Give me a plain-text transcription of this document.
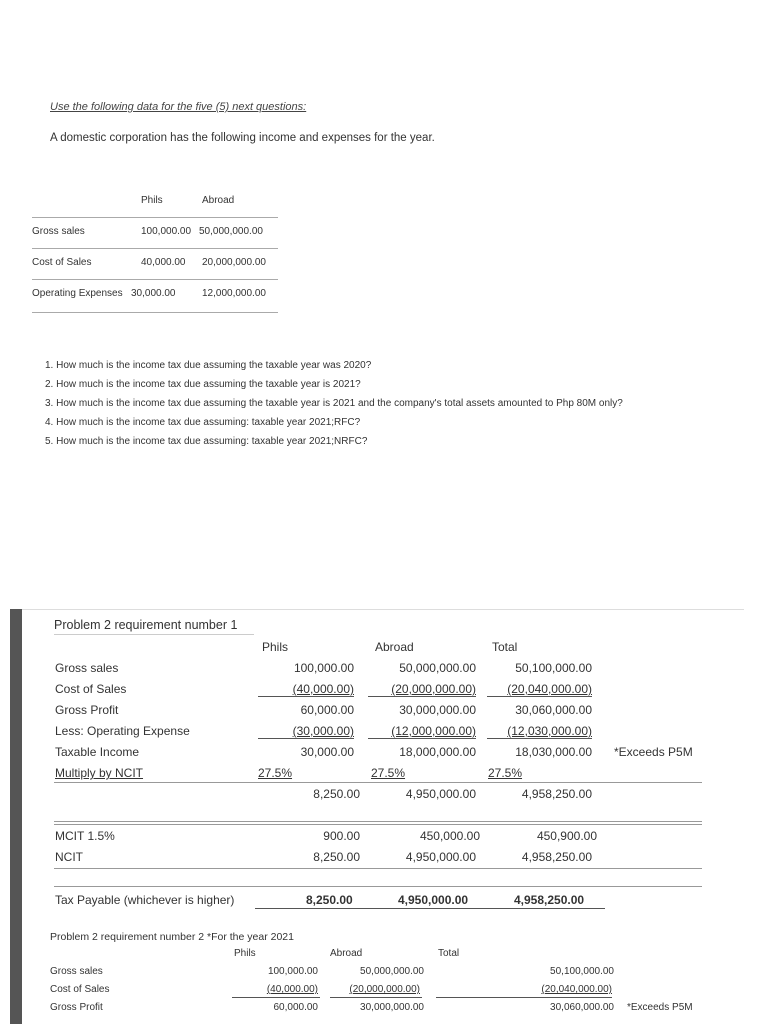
Use the following data for the five (5) next questions:
A domestic corporation has the following income and expenses for the year.
Phils	Abroad
Gross sales	100,000.00 50,000,000.00
Cost of Sales	40,000.00 20,000,000.00
Operating Expenses 30,000.00	12,000,000.00
1. How much is the income tax due assuming the taxable year was 2020?
2. How much is the income tax due assuming the taxable year is 2021?
3. How much is the income tax due assuming the taxable year is 2021 and the company's total assets amounted to Php 80M only?
4. How much is the income tax due assuming: taxable year 2021;RFC?
5. How much is the income tax due assuming: taxable year 2021;NRFC?
Problem 2 requirement number 1
Phils	Abroad	Total
Gross sales	100,000.00	50,000,000.00	50,100,000.00
Cost of Sales	(40,000.00)	(20,000,000.00)	(20,040,000.00)
Gross Profit	60,000.00	30,000,000.00	30,060,000.00
Less: Operating Expense	(30,000.00)	(12,000,000.00)	(12,030,000.00)
Taxable Income	30,000.00	18,000,000.00	18,030,000.00 *Exceeds P5M
Multiply by NCIT	27.5%	27.5%	27.5%
8,250.00	4,950,000.00	4,958,250.00
MCIT 1.5%	900.00	450,000.00	450,900.00
NCIT	8,250.00	4,950,000.00	4,958,250.00
Tax Payable (whichever is higher)	8,250.00	4,950,000.00	4,958,250.00
Problem 2 requirement number 2 *For the year 2021
Phils	Abroad	Total
Gross sales	100,000.00	50,000,000.00	50,100,000.00
Cost of Sales	(40,000.00)	(20,000,000.00)	(20,040,000.00)
Gross Profit	60,000.00	30,000,000.00	30,060,000.00 *Exceeds P5M
